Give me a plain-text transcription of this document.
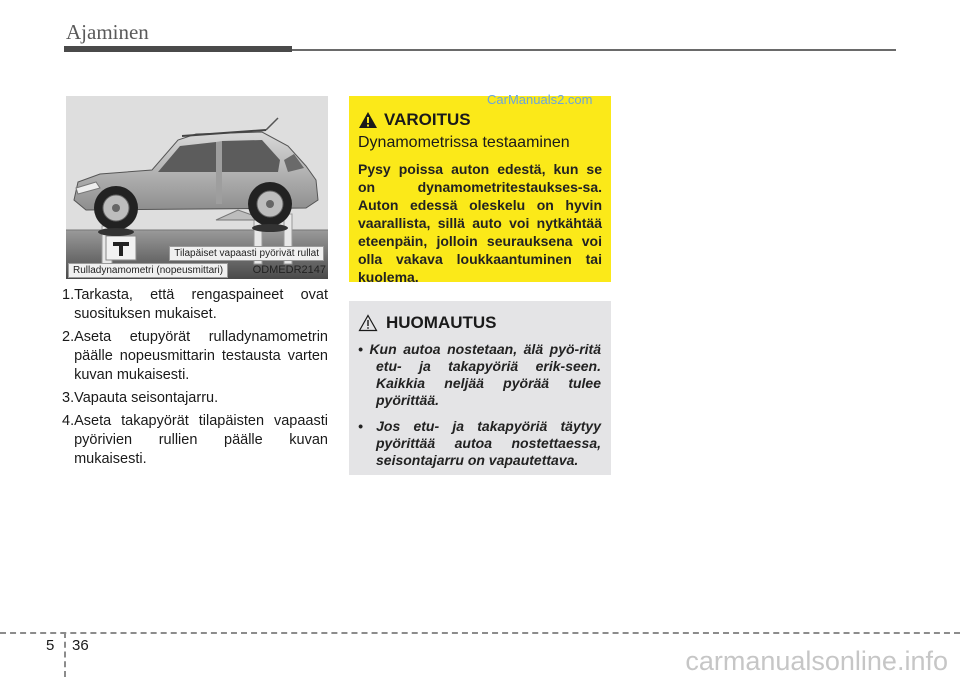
Ajaminen
Tilapäiset vapaasti pyörivät rullat
Rulladynamometri (nopeusmittari)	ODMEDR2147
1. Tarkasta, että rengaspaineet ovat suosituksen mukaiset.
2. Aseta etupyörät rulladynamometrin päälle nopeusmittarin testausta varten kuvan mukaisesti.
3. Vapauta seisontajarru.
4. Aseta takapyörät tilapäisten vapaasti pyörivien rullien päälle kuvan mukaisesti.
VAROITUS
Dynamometrissa testaaminen
Pysy poissa auton edestä, kun se on dynamometritestaukses-sa. Auton edessä oleskelu on hyvin vaarallista, sillä auto voi nytkähtää eteenpäin, jolloin seurauksena voi olla vakava loukkaantuminen tai kuolema.
CarManuals2.com
HUOMAUTUS
• Kun autoa nostetaan, älä pyö-ritä etu- ja takapyöriä erik-seen. Kaikkia neljää pyörää tulee pyörittää.
• Jos etu- ja takapyöriä täytyy pyörittää autoa nostettaessa, seisontajarru on vapautettava.
5 36
carmanualsonline.info
